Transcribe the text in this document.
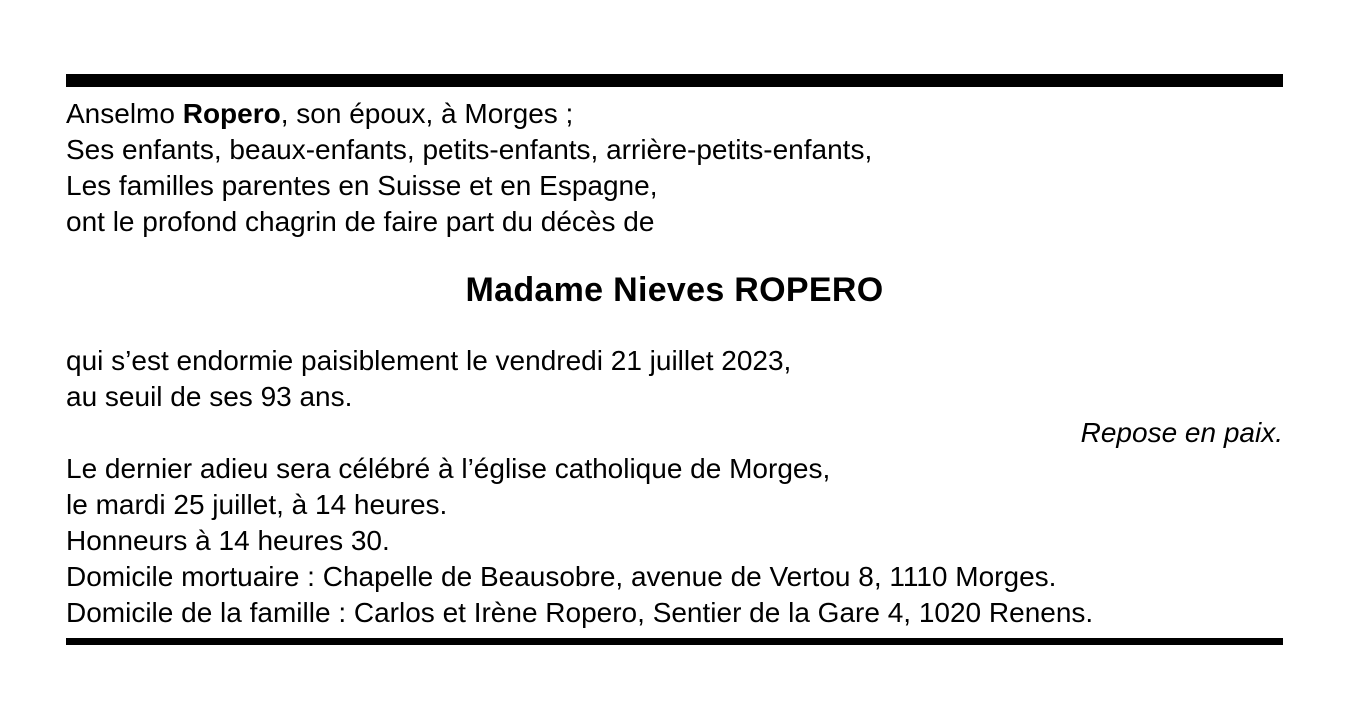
Anselmo Ropero, son époux, à Morges ;

Ses enfants, beaux-enfants, petits-enfants, arrière-petits-enfants,

Les familles parentes en Suisse et en Espagne,

ont le profond chagrin de faire part du décès de

Madame Nieves ROPERO

qui s’est endormie paisiblement le vendredi 21 juillet 2023,

au seuil de ses 93 ans.

Repose en paix.

Le dernier adieu sera célébré à l’église catholique de Morges,

le mardi 25 juillet, à 14 heures.

Honneurs à 14 heures 30.

Domicile mortuaire : Chapelle de Beausobre, avenue de Vertou 8, 1110 Morges.

Domicile de la famille : Carlos et Irène Ropero, Sentier de la Gare 4, 1020 Renens.
